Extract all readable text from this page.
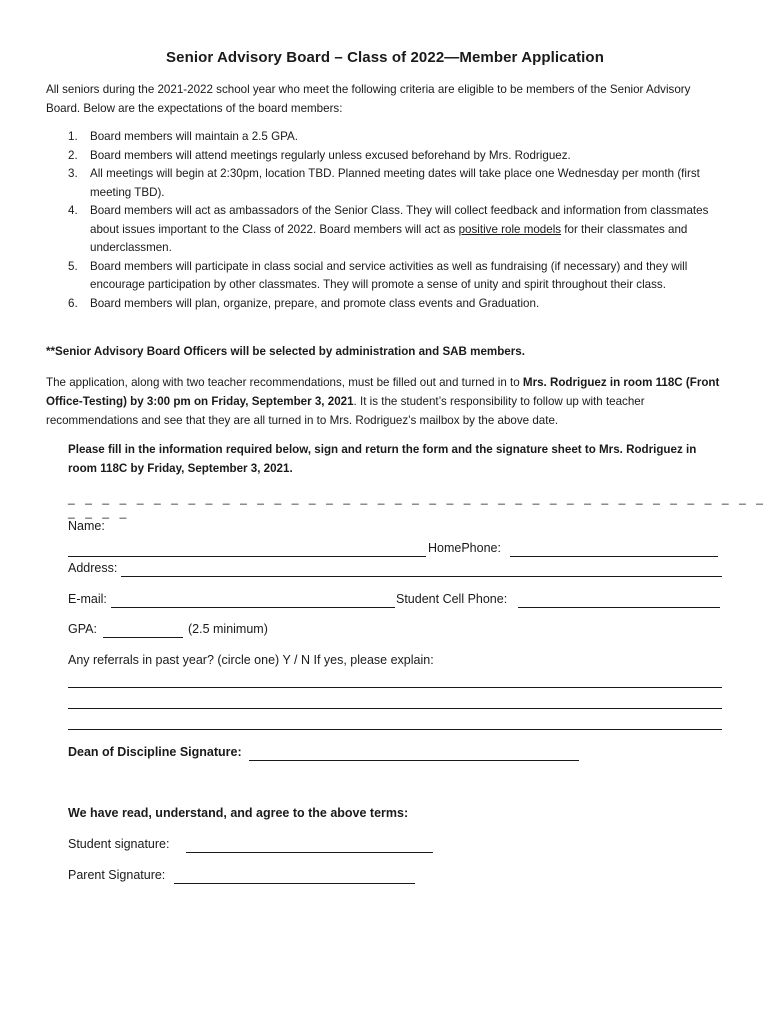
Senior Advisory Board – Class of 2022—Member Application
All seniors during the 2021-2022 school year who meet the following criteria are eligible to be members of the Senior Advisory Board. Below are the expectations of the board members:
1. Board members will maintain a 2.5 GPA.
2. Board members will attend meetings regularly unless excused beforehand by Mrs. Rodriguez.
3. All meetings will begin at 2:30pm, location TBD. Planned meeting dates will take place one Wednesday per month (first meeting TBD).
4. Board members will act as ambassadors of the Senior Class. They will collect feedback and information from classmates about issues important to the Class of 2022. Board members will act as positive role models for their classmates and underclassmen.
5. Board members will participate in class social and service activities as well as fundraising (if necessary) and they will encourage participation by other classmates. They will promote a sense of unity and spirit throughout their class.
6. Board members will plan, organize, prepare, and promote class events and Graduation.
**Senior Advisory Board Officers will be selected by administration and SAB members.
The application, along with two teacher recommendations, must be filled out and turned in to Mrs. Rodriguez in room 118C (Front Office-Testing) by 3:00 pm on Friday, September 3, 2021. It is the student’s responsibility to follow up with teacher recommendations and see that they are all turned in to Mrs. Rodriguez’s mailbox by the above date.
Please fill in the information required below, sign and return the form and the signature sheet to Mrs. Rodriguez in room 118C by Friday, September 3, 2021.
_ _ _ _ _ _ _ _ _ _ _ _ _ _ _ _ _ _ _ _ _ _ _ _ _ _ _ _ _ _ _ _ _ _ _ _ _ _ _ _ _ _ _ _ _
Name:
HomePhone:
Address:
E-mail:	Student Cell Phone:
GPA:	(2.5 minimum)
Any referrals in past year? (circle one) Y / N If yes, please explain:
Dean of Discipline Signature:
We have read, understand, and agree to the above terms:
Student signature:
Parent Signature:
